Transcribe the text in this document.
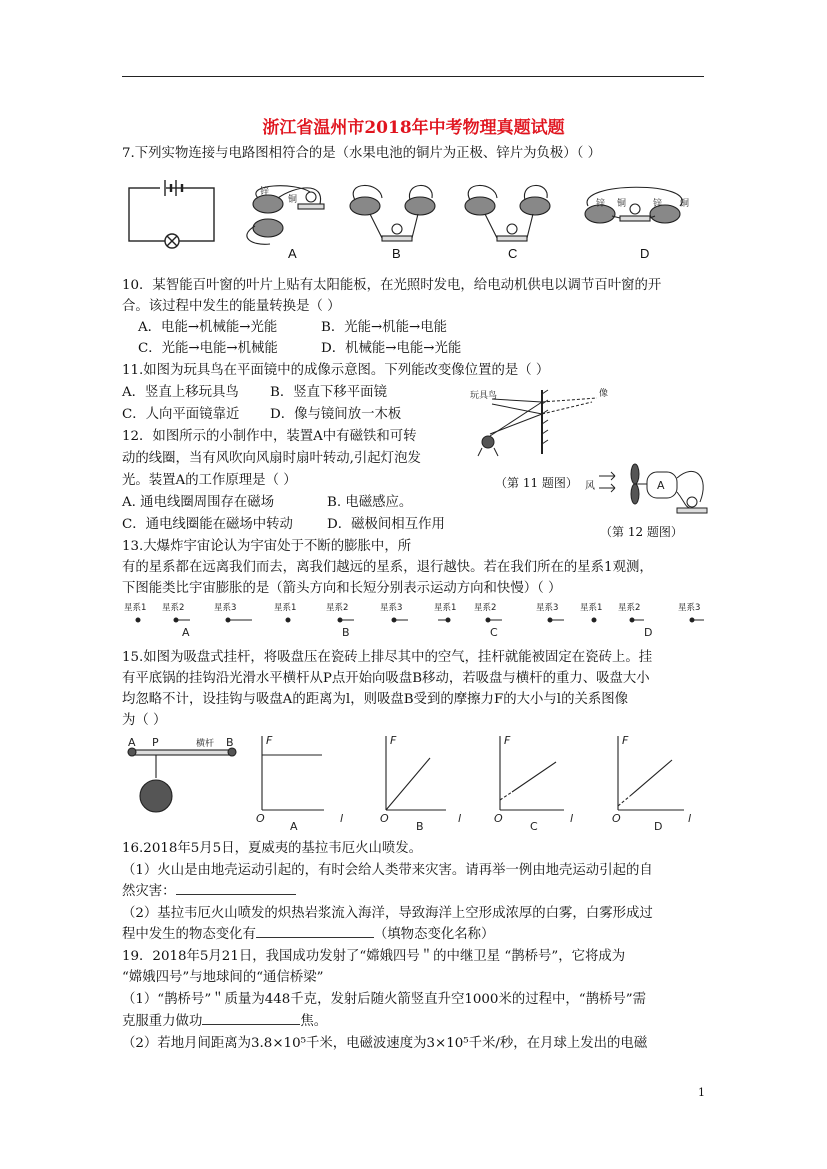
浙江省温州市2018年中考物理真题试题
7.下列实物连接与电路图相符合的是（水果电池的铜片为正极、锌片为负极）（ ）
锌
铜	锌 铜	锌 铜
A	B	C	D
10．某智能百叶窗的叶片上贴有太阳能板，在光照时发电，给电动机供电以调节百叶窗的开
合。该过程中发生的能量转换是（ ）
A．电能→机械能→光能	B．光能→机能→电能
C．光能→电能→机械能	D．机械能→电能→光能
11.如图为玩具鸟在平面镜中的成像示意图。下列能改变像位置的是（ ）
A．竖直上移玩具鸟 B．竖直下移平面镜
C．人向平面镜靠近 D．像与镜间放一木板
玩具鸟	像
（第 11 题图）
12．如图所示的小制作中，装置A中有磁铁和可转
动的线圈，当有风吹向风扇时扇叶转动,引起灯泡发
光。装置A的工作原理是（ ）
A. 通电线圈周围存在磁场	B. 电磁感应。
C．通电线圈能在磁场中转动	D．磁极间相互作用
风	A
（第 12 题图）
13.大爆炸宇宙论认为宇宙处于不断的膨胀中，所
有的星系都在远离我们而去，离我们越远的星系，退行越快。若在我们所在的星系1观测，
下图能类比宇宙膨胀的是（箭头方向和长短分别表示运动方向和快慢）（ ）
星系1 星系2	星系3	星系1	星系2	星系3	星系1 星系2	星系3	星系1 星系2	星系3
A	B	C	D
15.如图为吸盘式挂杆，将吸盘压在瓷砖上排尽其中的空气，挂杆就能被固定在瓷砖上。挂
有平底锅的挂钩沿光滑水平横杆从P点开始向吸盘B移动，若吸盘与横杆的重力、吸盘大小
均忽略不计，设挂钩与吸盘A的距离为l，则吸盘B受到的摩擦力F的大小与l的关系图像
为（ ）
A P	横杆 B	F
O	l
F
O	l
F
O	l
F
O	l
A	B	C	D
16.2018年5月5日，夏威夷的基拉韦厄火山喷发。
（1）火山是由地壳运动引起的，有时会给人类带来灾害。请再举一例由地壳运动引起的自
然灾害：
（2）基拉韦厄火山喷发的炽热岩浆流入海洋，导致海洋上空形成浓厚的白雾，白雾形成过
程中发生的物态变化有	（填物态变化名称）
19．2018年5月21日，我国成功发射了“嫦娥四号＂的中继卫星 “鹊桥号”，它将成为
“嫦娥四号”与地球间的“通信桥梁”
（1）“鹊桥号”＂质量为448千克，发射后随火箭竖直升空1000米的过程中，“鹊桥号”需
克服重力做功	焦。
（2）若地月间距离为3.8×10⁵千米，电磁波速度为3×10⁵千米/秒，在月球上发出的电磁
1
